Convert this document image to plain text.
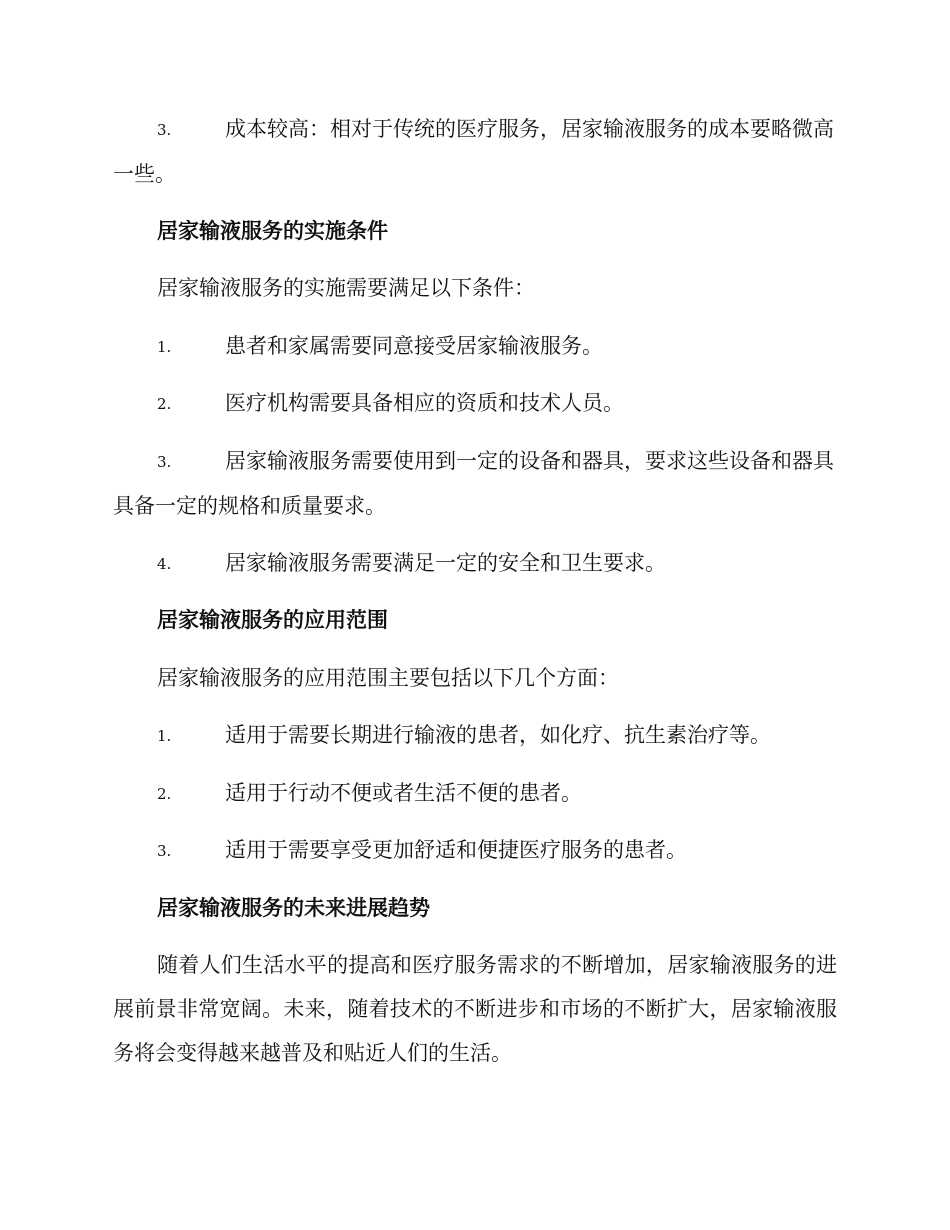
3.	成本较高：相对于传统的医疗服务，居家输液服务的成本要略微高一些。
居家输液服务的实施条件
居家输液服务的实施需要满足以下条件：
1.	患者和家属需要同意接受居家输液服务。
2.	医疗机构需要具备相应的资质和技术人员。
3.	居家输液服务需要使用到一定的设备和器具，要求这些设备和器具具备一定的规格和质量要求。
4.	居家输液服务需要满足一定的安全和卫生要求。
居家输液服务的应用范围
居家输液服务的应用范围主要包括以下几个方面：
1.	适用于需要长期进行输液的患者，如化疗、抗生素治疗等。
2.	适用于行动不便或者生活不便的患者。
3.	适用于需要享受更加舒适和便捷医疗服务的患者。
居家输液服务的未来进展趋势
随着人们生活水平的提高和医疗服务需求的不断增加，居家输液服务的进展前景非常宽阔。未来，随着技术的不断进步和市场的不断扩大，居家输液服务将会变得越来越普及和贴近人们的生活。
